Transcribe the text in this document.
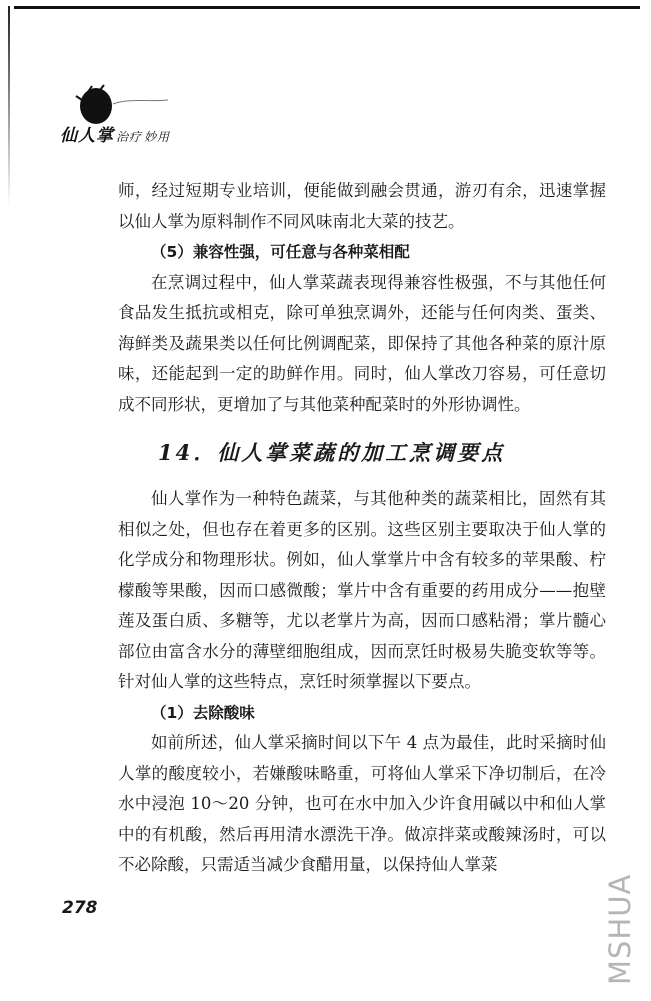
仙人掌 治疗 妙用

师，经过短期专业培训，便能做到融会贯通，游刃有余，迅速掌握以仙人掌为原料制作不同风味南北大菜的技艺。

（5）兼容性强，可任意与各种菜相配

在烹调过程中，仙人掌菜蔬表现得兼容性极强，不与其他任何食品发生抵抗或相克，除可单独烹调外，还能与任何肉类、蛋类、海鲜类及蔬果类以任何比例调配菜，即保持了其他各种菜的原汁原味，还能起到一定的助鲜作用。同时，仙人掌改刀容易，可任意切成不同形状，更增加了与其他菜种配菜时的外形协调性。

14．仙人掌菜蔬的加工烹调要点

仙人掌作为一种特色蔬菜，与其他种类的蔬菜相比，固然有其相似之处，但也存在着更多的区别。这些区别主要取决于仙人掌的化学成分和物理形状。例如，仙人掌掌片中含有较多的苹果酸、柠檬酸等果酸，因而口感微酸；掌片中含有重要的药用成分——抱壁莲及蛋白质、多糖等，尤以老掌片为高，因而口感粘滑；掌片髓心部位由富含水分的薄壁细胞组成，因而烹饪时极易失脆变软等等。针对仙人掌的这些特点，烹饪时须掌握以下要点。

（1）去除酸味

如前所述，仙人掌采摘时间以下午 4 点为最佳，此时采摘时仙人掌的酸度较小，若嫌酸味略重，可将仙人掌采下净切制后，在冷水中浸泡 10～20 分钟，也可在水中加入少许食用碱以中和仙人掌中的有机酸，然后再用清水漂洗干净。做凉拌菜或酸辣汤时，可以不必除酸，只需适当减少食醋用量，以保持仙人掌菜

278	MSHUA
